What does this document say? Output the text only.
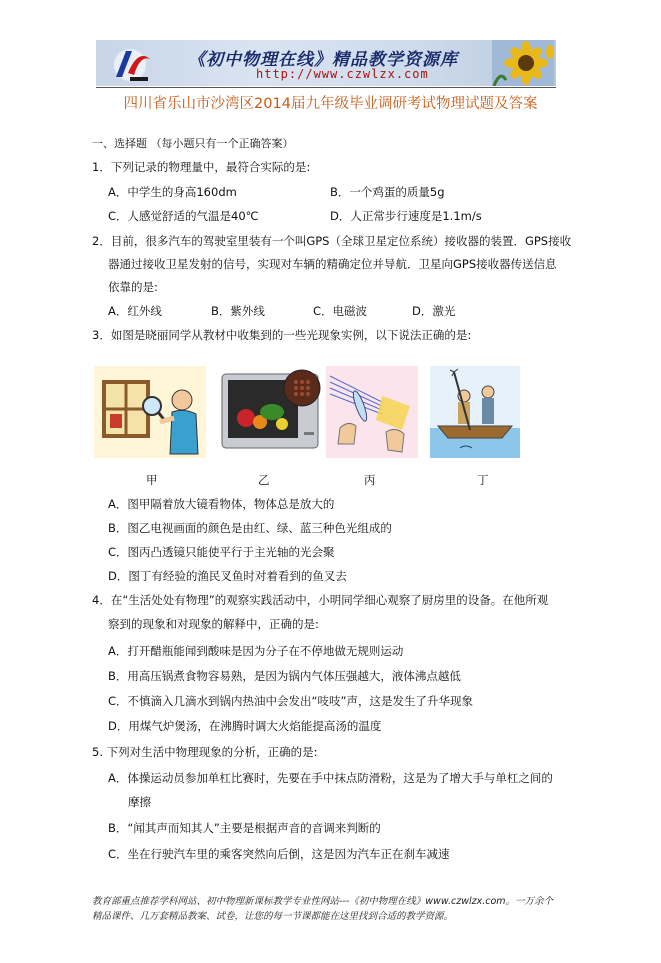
《初中物理在线》精品教学资源库
http://www.czwlzx.com
四川省乐山市沙湾区2014届九年级毕业调研考试物理试题及答案
一、选择题 （每小题只有一个正确答案）
1．下列记录的物理量中，最符合实际的是:
A．中学生的身高160dm	B．一个鸡蛋的质量5g
C．人感觉舒适的气温是40℃	D．人正常步行速度是1.1m/s
2．目前，很多汽车的驾驶室里装有一个叫GPS（全球卫星定位系统）接收器的装置．GPS接收
器通过接收卫星发射的信号，实现对车辆的精确定位并导航．卫星向GPS接收器传送信息
依靠的是:
A．红外线	B．紫外线	C．电磁波	D．激光
3．如图是晓丽同学从教材中收集到的一些光现象实例，以下说法正确的是:
甲	乙	丙	丁
A．图甲隔着放大镜看物体，物体总是放大的
B．图乙电视画面的颜色是由红、绿、蓝三种色光组成的
C．图丙凸透镜只能使平行于主光轴的光会聚
D．图丁有经验的渔民叉鱼时对着看到的鱼叉去
4．在“生活处处有物理”的观察实践活动中，小明同学细心观察了厨房里的设备。在他所观
察到的现象和对现象的解释中，正确的是:
A．打开醋瓶能闻到酸味是因为分子在不停地做无规则运动
B．用高压锅煮食物容易熟，是因为锅内气体压强越大，液体沸点越低
C．不慎滴入几滴水到锅内热油中会发出“吱吱”声，这是发生了升华现象
D．用煤气炉煲汤，在沸腾时调大火焰能提高汤的温度
5. 下列对生活中物理现象的分析，正确的是:
A．体操运动员参加单杠比赛时，先要在手中抹点防滑粉，这是为了增大手与单杠之间的
摩擦
B．“闻其声而知其人”主要是根据声音的音调来判断的
C．坐在行驶汽车里的乘客突然向后倒，这是因为汽车正在刹车减速
教育部重点推荐学科网站、初中物理新课标教学专业性网站---《初中物理在线》www.czwlzx.com。一万余个
精品课件、几万套精品教案、试卷，让您的每一节课都能在这里找到合适的教学资源。
